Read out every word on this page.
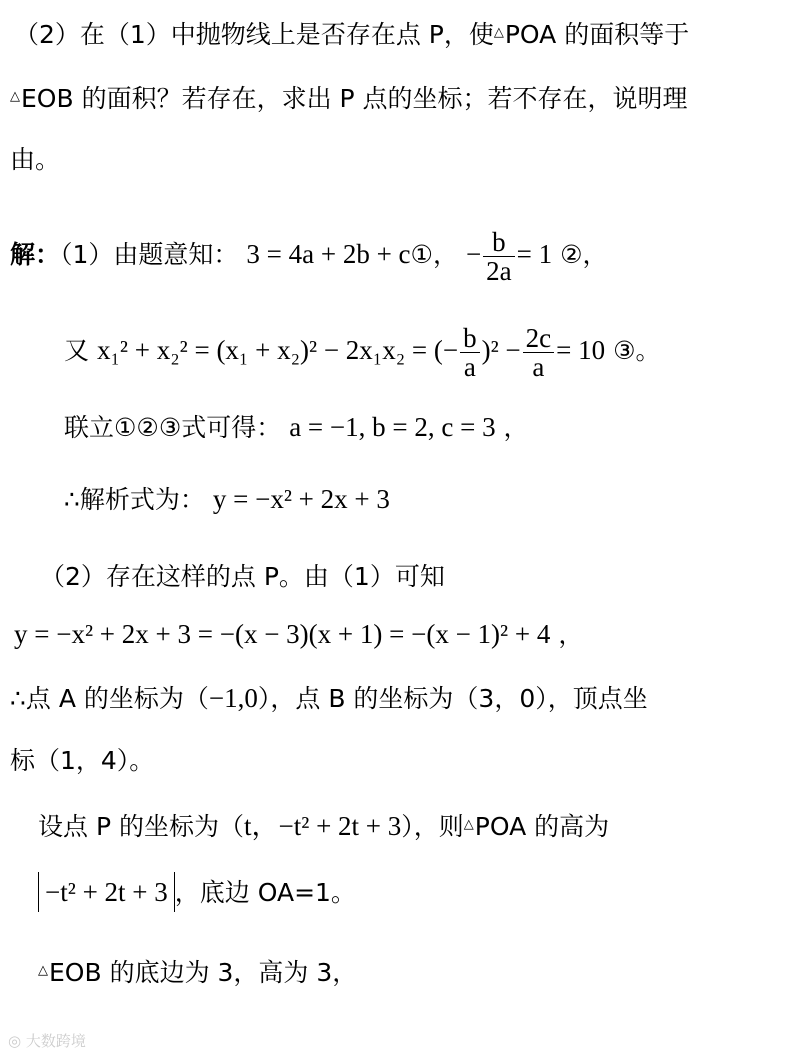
（2）在（1）中抛物线上是否存在点 P，使△POA 的面积等于
△EOB 的面积？若存在，求出 P 点的坐标；若不存在，说明理
由。
解：（1）由题意知： 3 = 4a + 2b + c①， − $\frac{b}{2a} = 1$ ②，
又 x₁² + x₂² = (x₁ + x₂)² − 2x₁x₂ = (− $\frac{b}{a} )^2 - \frac{2c}{a} = 10$ ③。
联立①②③式可得： a = −1, b = 2, c = 3 ，
∴解析式为： y = −x² + 2x + 3
（2）存在这样的点 P。由（1）可知
y = −x² + 2x + 3 = −(x − 3)(x + 1) = −(x − 1)² + 4 ，
∴点 A 的坐标为（−1,0），点 B 的坐标为（3，0），顶点坐
标（1，4）。
设点 P 的坐标为（t，−t² + 2t + 3），则△POA 的高为
−t² + 2t + 3 ，底边 OA=1。
△EOB 的底边为 3，高为 3，
◎ 大数跨境
